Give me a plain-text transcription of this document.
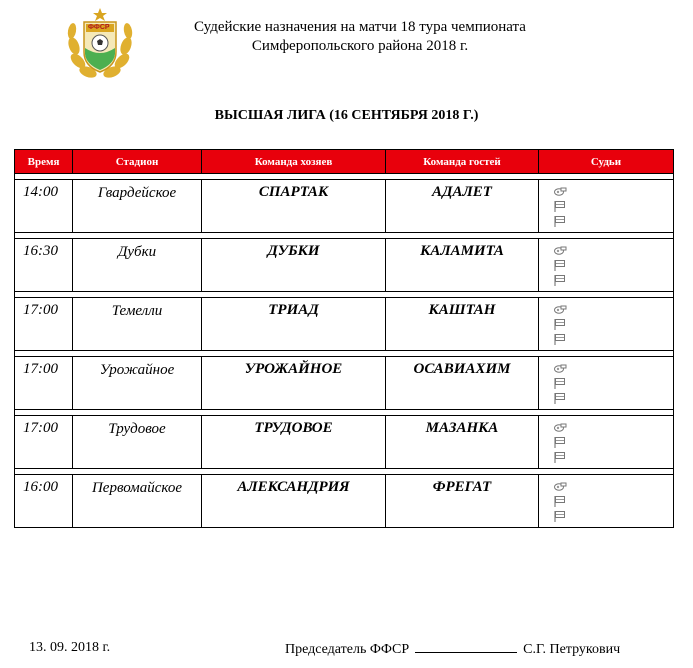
ФФСР	Судейские назначения на матчи 18 тура чемпионата
Симферопольского района 2018 г.
ВЫСШАЯ ЛИГА (16 СЕНТЯБРЯ 2018 Г.)
Время	Стадион	Команда хозяев	Команда гостей	Судьи

14:00	Гвардейское	СПАРТАК	АДАЛЕТ	

16:30	Дубки	ДУБКИ	КАЛАМИТА	

17:00	Темелли	ТРИАД	КАШТАН	

17:00	Урожайное	УРОЖАЙНОЕ	ОСАВИАХИМ	

17:00	Трудовое	ТРУДОВОЕ	МАЗАНКА	

16:00	Первомайское	АЛЕКСАНДРИЯ	ФРЕГАТ	
13. 09. 2018 г.	Председатель ФФСР	С.Г. Петрукович
